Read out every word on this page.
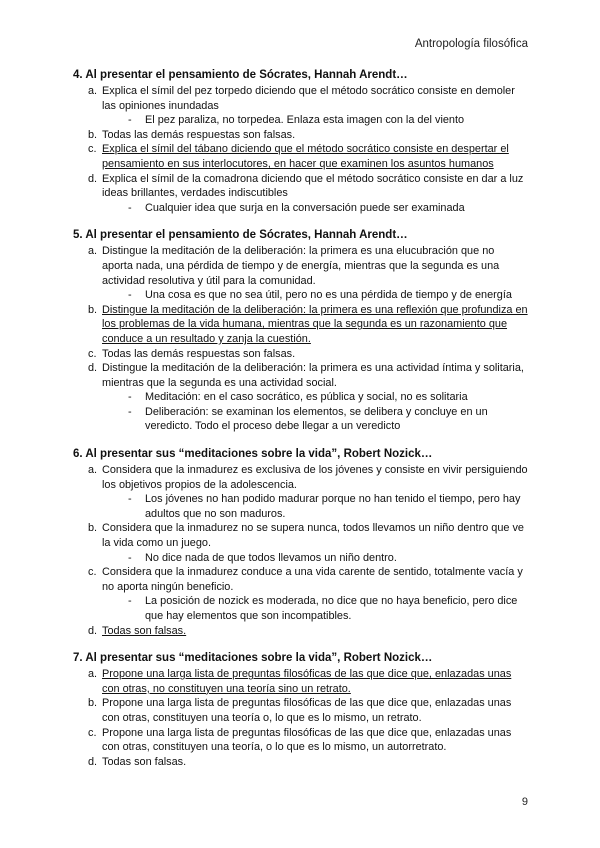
Antropología filosófica
4. Al presentar el pensamiento de Sócrates, Hannah Arendt…
a. Explica el símil del pez torpedo diciendo que el método socrático consiste en demoler las opiniones inundadas
- El pez paraliza, no torpedea. Enlaza esta imagen con la del viento
b. Todas las demás respuestas son falsas.
c. Explica el símil del tábano diciendo que el método socrático consiste en despertar el pensamiento en sus interlocutores, en hacer que examinen los asuntos humanos
d. Explica el símil de la comadrona diciendo que el método socrático consiste en dar a luz ideas brillantes, verdades indiscutibles
- Cualquier idea que surja en la conversación puede ser examinada
5. Al presentar el pensamiento de Sócrates, Hannah Arendt…
a. Distingue la meditación de la deliberación: la primera es una elucubración que no aporta nada, una pérdida de tiempo y de energía, mientras que la segunda es una actividad resolutiva y útil para la comunidad.
- Una cosa es que no sea útil, pero no es una pérdida de tiempo y de energía
b. Distingue la meditación de la deliberación: la primera es una reflexión que profundiza en los problemas de la vida humana, mientras que la segunda es un razonamiento que conduce a un resultado y zanja la cuestión.
c. Todas las demás respuestas son falsas.
d. Distingue la meditación de la deliberación: la primera es una actividad íntima y solitaria, mientras que la segunda es una actividad social.
- Meditación: en el caso socrático, es pública y social, no es solitaria
- Deliberación: se examinan los elementos, se delibera y concluye en un veredicto. Todo el proceso debe llegar a un veredicto
6. Al presentar sus “meditaciones sobre la vida”, Robert Nozick…
a. Considera que la inmadurez es exclusiva de los jóvenes y consiste en vivir persiguiendo los objetivos propios de la adolescencia.
- Los jóvenes no han podido madurar porque no han tenido el tiempo, pero hay adultos que no son maduros.
b. Considera que la inmadurez no se supera nunca, todos llevamos un niño dentro que ve la vida como un juego.
- No dice nada de que todos llevamos un niño dentro.
c. Considera que la inmadurez conduce a una vida carente de sentido, totalmente vacía y no aporta ningún beneficio.
- La posición de nozick es moderada, no dice que no haya beneficio, pero dice que hay elementos que son incompatibles.
d. Todas son falsas.
7. Al presentar sus “meditaciones sobre la vida”, Robert Nozick…
a. Propone una larga lista de preguntas filosóficas de las que dice que, enlazadas unas con otras, no constituyen una teoría sino un retrato.
b. Propone una larga lista de preguntas filosóficas de las que dice que, enlazadas unas con otras, constituyen una teoría o, lo que es lo mismo, un retrato.
c. Propone una larga lista de preguntas filosóficas de las que dice que, enlazadas unas con otras, constituyen una teoría, o lo que es lo mismo, un autorretrato.
d. Todas son falsas.
9
